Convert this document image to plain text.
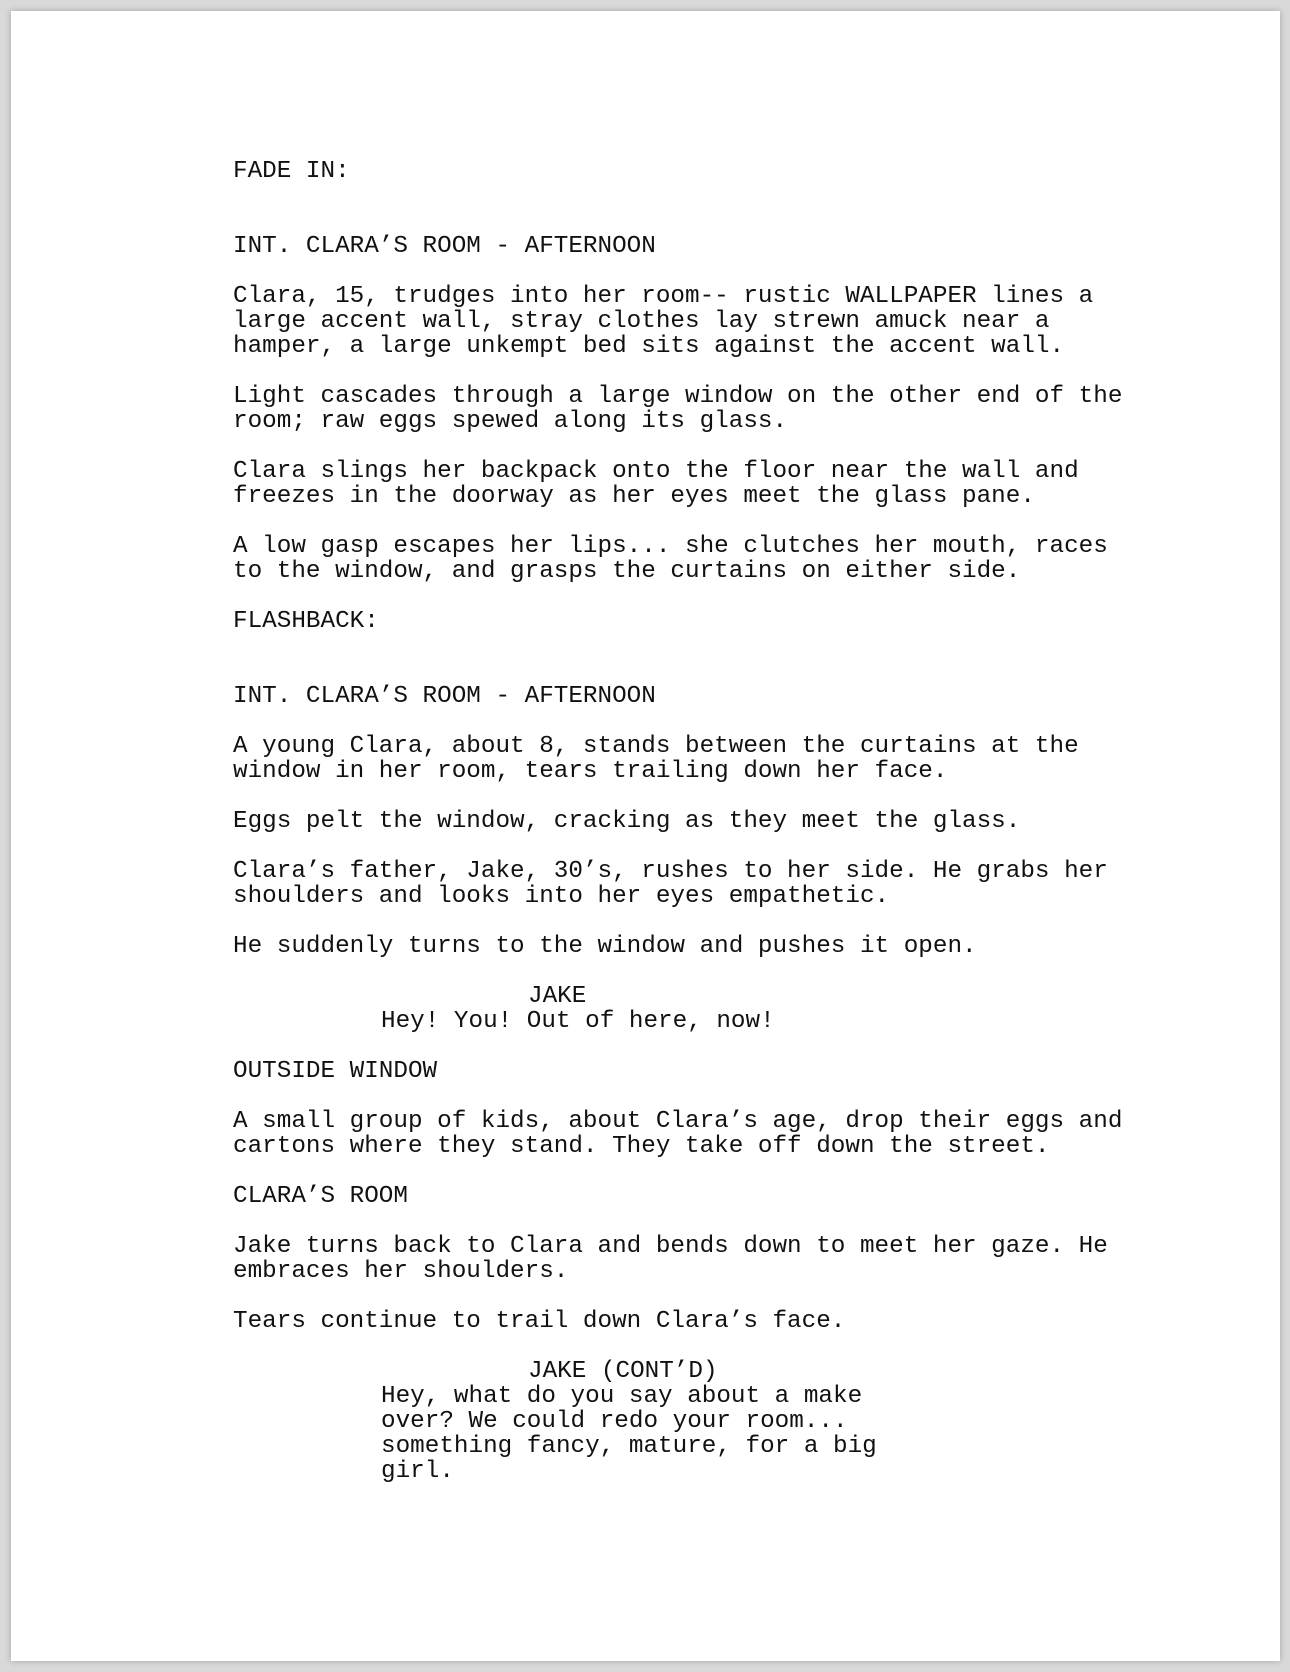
FADE IN:
INT. CLARA’S ROOM - AFTERNOON
Clara, 15, trudges into her room-- rustic WALLPAPER lines a
large accent wall, stray clothes lay strewn amuck near a
hamper, a large unkempt bed sits against the accent wall.
Light cascades through a large window on the other end of the
room; raw eggs spewed along its glass.
Clara slings her backpack onto the floor near the wall and
freezes in the doorway as her eyes meet the glass pane.
A low gasp escapes her lips... she clutches her mouth, races
to the window, and grasps the curtains on either side.
FLASHBACK:
INT. CLARA’S ROOM - AFTERNOON
A young Clara, about 8, stands between the curtains at the
window in her room, tears trailing down her face.
Eggs pelt the window, cracking as they meet the glass.
Clara’s father, Jake, 30’s, rushes to her side. He grabs her
shoulders and looks into her eyes empathetic.
He suddenly turns to the window and pushes it open.
JAKE
Hey! You! Out of here, now!
OUTSIDE WINDOW
A small group of kids, about Clara’s age, drop their eggs and
cartons where they stand. They take off down the street.
CLARA’S ROOM
Jake turns back to Clara and bends down to meet her gaze. He
embraces her shoulders.
Tears continue to trail down Clara’s face.
JAKE (CONT’D)
Hey, what do you say about a make
over? We could redo your room...
something fancy, mature, for a big
girl.
